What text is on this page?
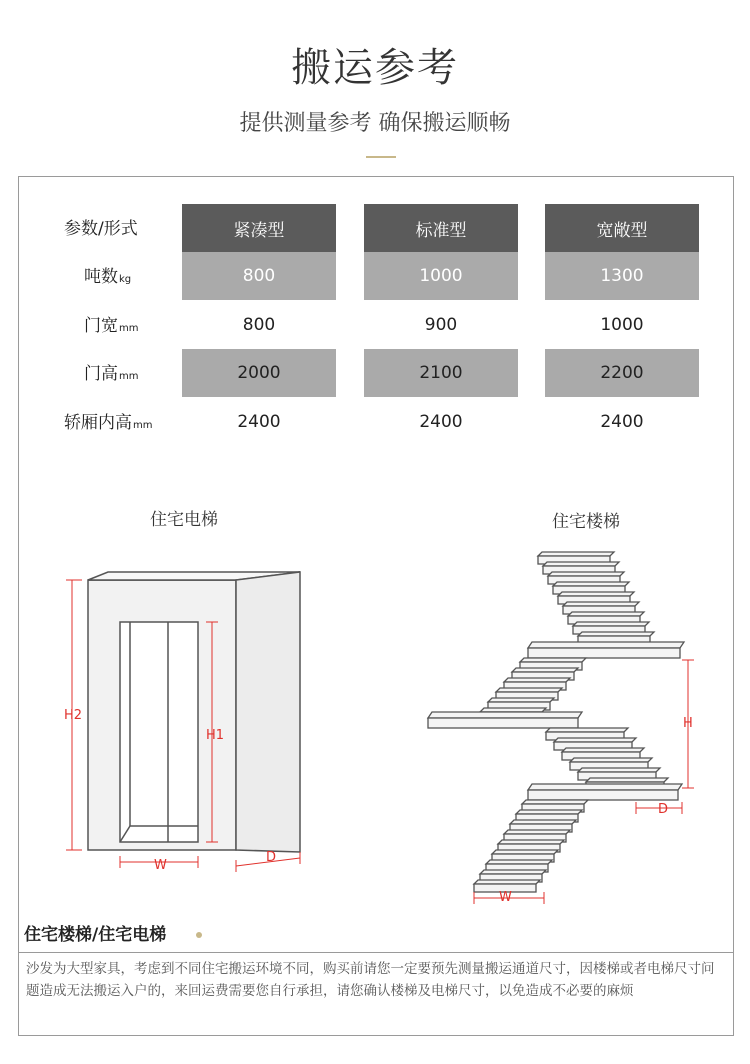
搬运参考
提供测量参考 确保搬运顺畅
参数/形式	紧凑型	标准型	宽敞型
吨数kg	800	1000	1300
门宽mm	800	900	1000
门高mm	2000	2100	2200
轿厢内高mm	2400	2400	2400
住宅电梯
H2
H1
W
D
住宅楼梯
H
D
W
住宅楼梯/住宅电梯
沙发为大型家具，考虑到不同住宅搬运环境不同，购买前请您一定要预先测量搬运通道尺寸，因楼梯或者电梯尺寸问题造成无法搬运入户的，来回运费需要您自行承担，请您确认楼梯及电梯尺寸，以免造成不必要的麻烦
